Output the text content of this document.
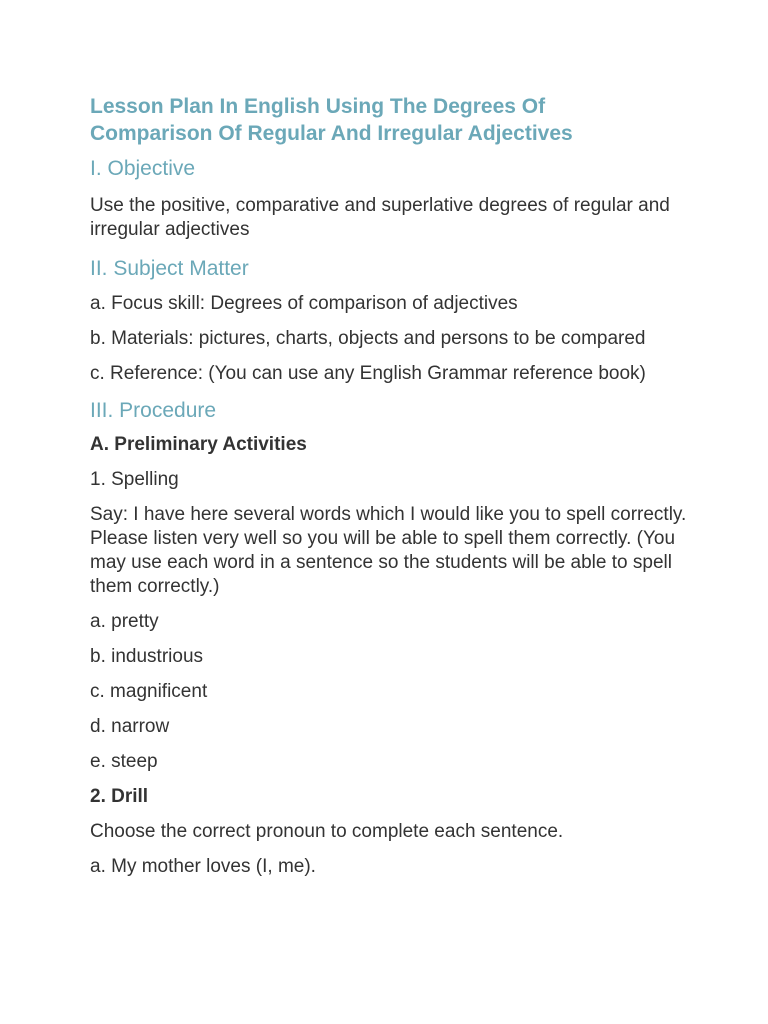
Lesson Plan In English Using The Degrees Of Comparison Of Regular And Irregular Adjectives
I. Objective

Use the positive, comparative and superlative degrees of regular and irregular adjectives

II. Subject Matter
a. Focus skill: Degrees of comparison of adjectives
b. Materials: pictures, charts, objects and persons to be compared
c. Reference: (You can use any English Grammar reference book)
III. Procedure

A. Preliminary Activities

1. Spelling

Say: I have here several words which I would like you to spell correctly. Please listen very well so you will be able to spell them correctly. (You may use each word in a sentence so the students will be able to spell them correctly.)

a. pretty
b. industrious
c. magnificent
d. narrow
e. steep

2. Drill

Choose the correct pronoun to complete each sentence.

a. My mother loves (I, me).
